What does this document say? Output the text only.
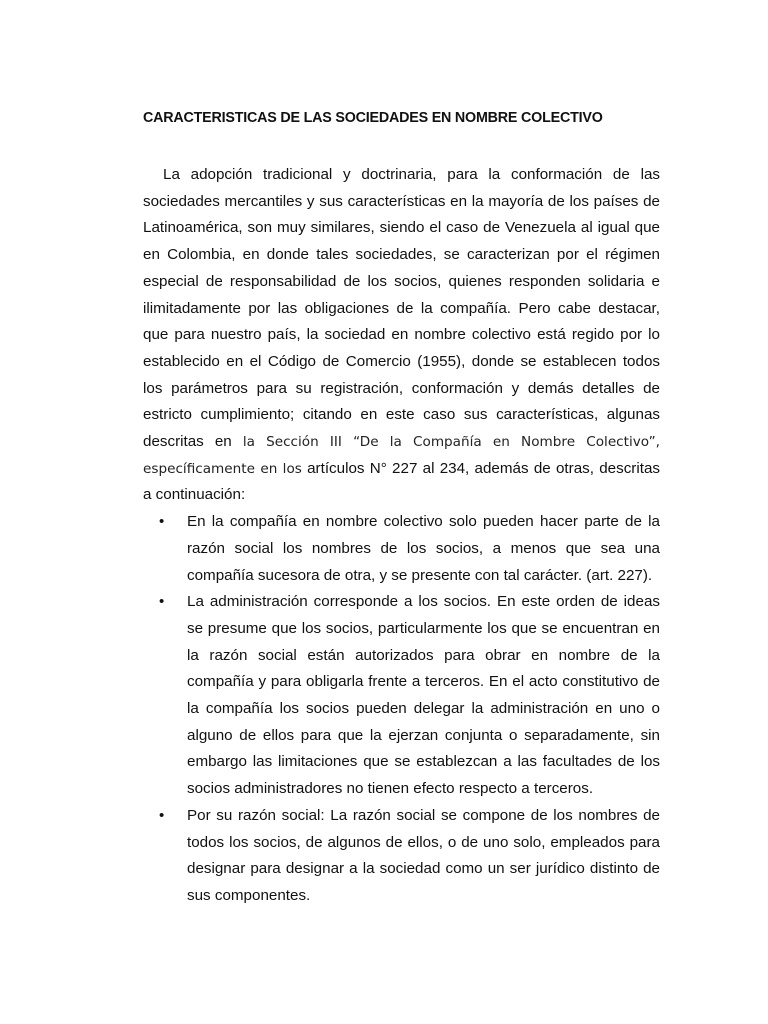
CARACTERISTICAS DE LAS SOCIEDADES EN NOMBRE COLECTIVO

La adopción tradicional y doctrinaria, para la conformación de las sociedades mercantiles y sus características en la mayoría de los países de Latinoamérica, son muy similares, siendo el caso de Venezuela al igual que en Colombia, en donde tales sociedades, se caracterizan por el régimen especial de responsabilidad de los socios, quienes responden solidaria e ilimitadamente por las obligaciones de la compañía. Pero cabe destacar, que para nuestro país, la sociedad en nombre colectivo está regido por lo establecido en el Código de Comercio (1955), donde se establecen todos los parámetros para su registración, conformación y demás detalles de estricto cumplimiento; citando en este caso sus características, algunas descritas en la Sección III “De la Compañía en Nombre Colectivo”, específicamente en los artículos N° 227 al 234, además de otras, descritas a continuación:

• En la compañía en nombre colectivo solo pueden hacer parte de la razón social los nombres de los socios, a menos que sea una compañía sucesora de otra, y se presente con tal carácter. (art. 227).
• La administración corresponde a los socios. En este orden de ideas se presume que los socios, particularmente los que se encuentran en la razón social están autorizados para obrar en nombre de la compañía y para obligarla frente a terceros. En el acto constitutivo de la compañía los socios pueden delegar la administración en uno o alguno de ellos para que la ejerzan conjunta o separadamente, sin embargo las limitaciones que se establezcan a las facultades de los socios administradores no tienen efecto respecto a terceros.
• Por su razón social: La razón social se compone de los nombres de todos los socios, de algunos de ellos, o de uno solo, empleados para designar para designar a la sociedad como un ser jurídico distinto de sus componentes.
